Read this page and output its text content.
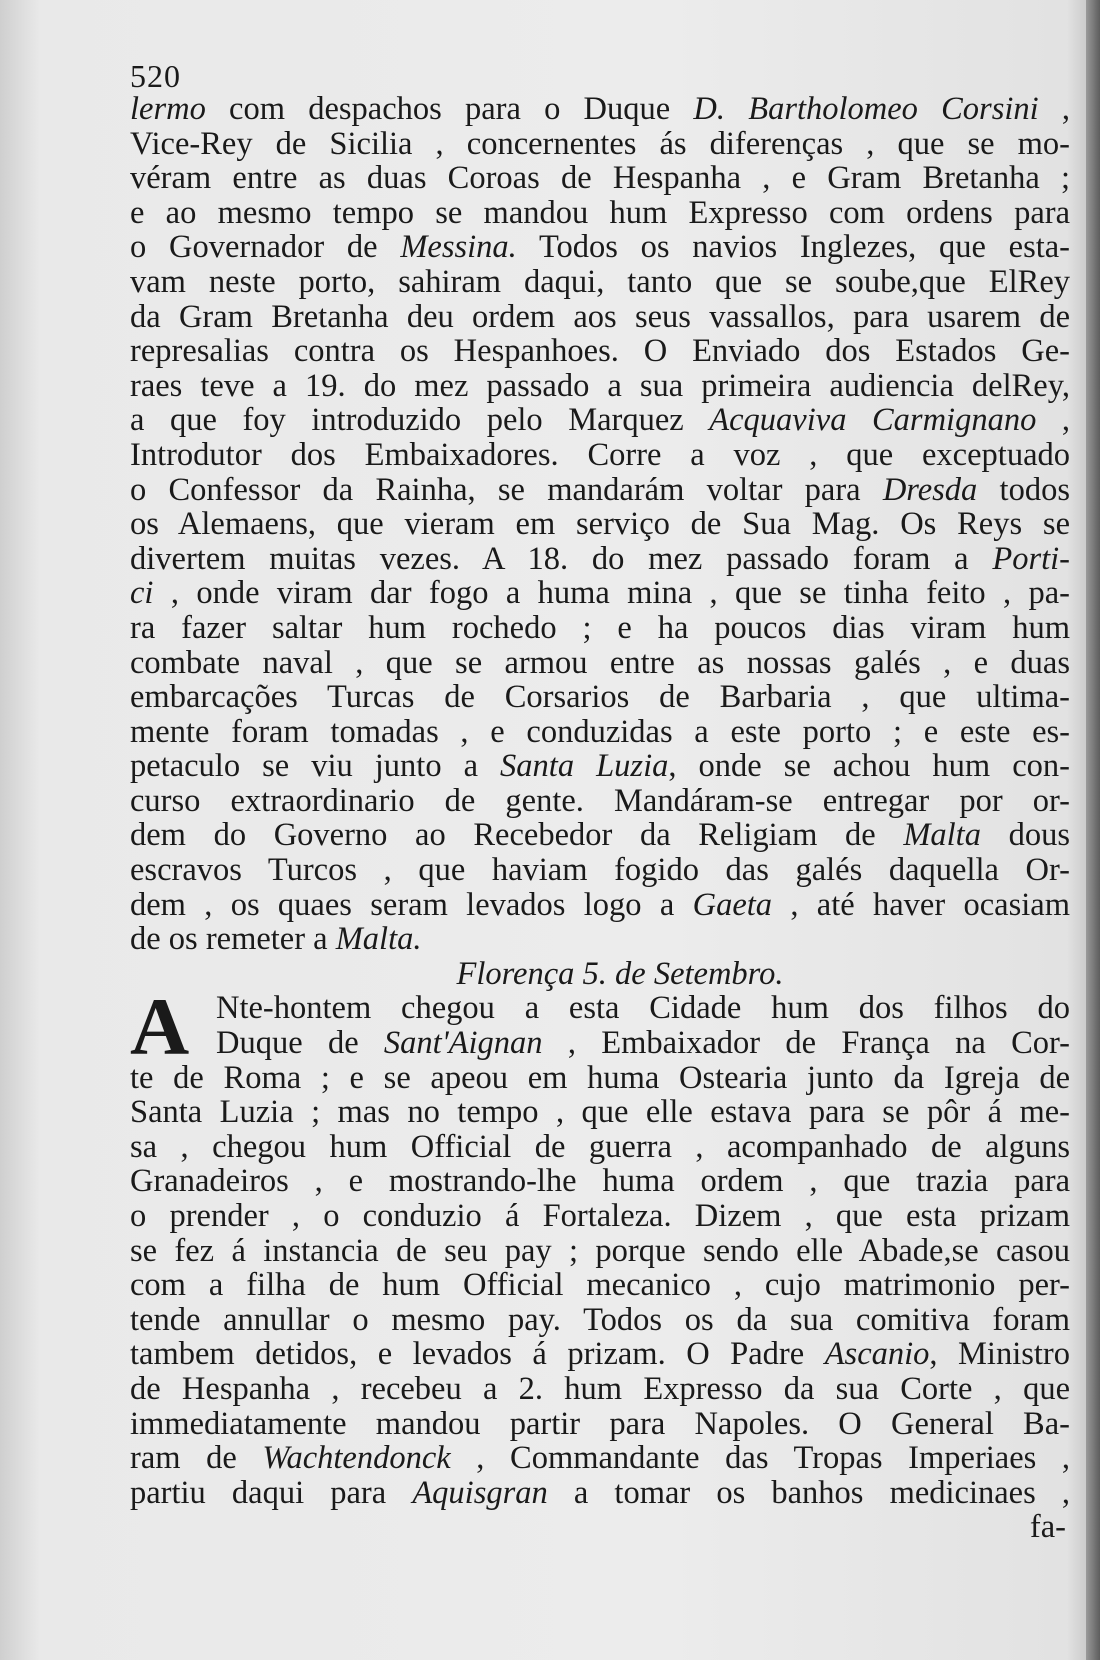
520
lermo com despachos para o Duque D. Bartholomeo Corsini ,
Vice-Rey de Sicilia , concernentes ás diferenças , que se mo-
véram entre as duas Coroas de Hespanha , e Gram Bretanha ;
e ao mesmo tempo se mandou hum Expresso com ordens para
o Governador de Messina. Todos os navios Inglezes, que esta-
vam neste porto, sahiram daqui, tanto que se soube,que ElRey
da Gram Bretanha deu ordem aos seus vassallos, para usarem de
represalias contra os Hespanhoes. O Enviado dos Estados Ge-
raes teve a 19. do mez passado a sua primeira audiencia delRey,
a que foy introduzido pelo Marquez Acquaviva Carmignano ,
Introdutor dos Embaixadores. Corre a voz , que exceptuado
o Confessor da Rainha, se mandarám voltar para Dresda todos
os Alemaens, que vieram em serviço de Sua Mag. Os Reys se
divertem muitas vezes. A 18. do mez passado foram a Porti-
ci , onde viram dar fogo a huma mina , que se tinha feito , pa-
ra fazer saltar hum rochedo ; e ha poucos dias viram hum
combate naval , que se armou entre as nossas galés , e duas
embarcações Turcas de Corsarios de Barbaria , que ultima-
mente foram tomadas , e conduzidas a este porto ; e este es-
petaculo se viu junto a Santa Luzia, onde se achou hum con-
curso extraordinario de gente. Mandáram-se entregar por or-
dem do Governo ao Recebedor da Religiam de Malta dous
escravos Turcos , que haviam fogido das galés daquella Or-
dem , os quaes seram levados logo a Gaeta , até haver ocasiam
de os remeter a Malta.
Florença 5. de Setembro.
A Nte-hontem chegou a esta Cidade hum dos filhos do
Duque de Sant'Aignan , Embaixador de França na Cor-
te de Roma ; e se apeou em huma Ostearia junto da Igreja de
Santa Luzia ; mas no tempo , que elle estava para se pôr á me-
sa , chegou hum Official de guerra , acompanhado de alguns
Granadeiros , e mostrando-lhe huma ordem , que trazia para
o prender , o conduzio á Fortaleza. Dizem , que esta prizam
se fez á instancia de seu pay ; porque sendo elle Abade,se casou
com a filha de hum Official mecanico , cujo matrimonio per-
tende annullar o mesmo pay. Todos os da sua comitiva foram
tambem detidos, e levados á prizam. O Padre Ascanio, Ministro
de Hespanha , recebeu a 2. hum Expresso da sua Corte , que
immediatamente mandou partir para Napoles. O General Ba-
ram de Wachtendonck , Commandante das Tropas Imperiaes ,
partiu daqui para Aquisgran a tomar os banhos medicinaes ,
fa-
